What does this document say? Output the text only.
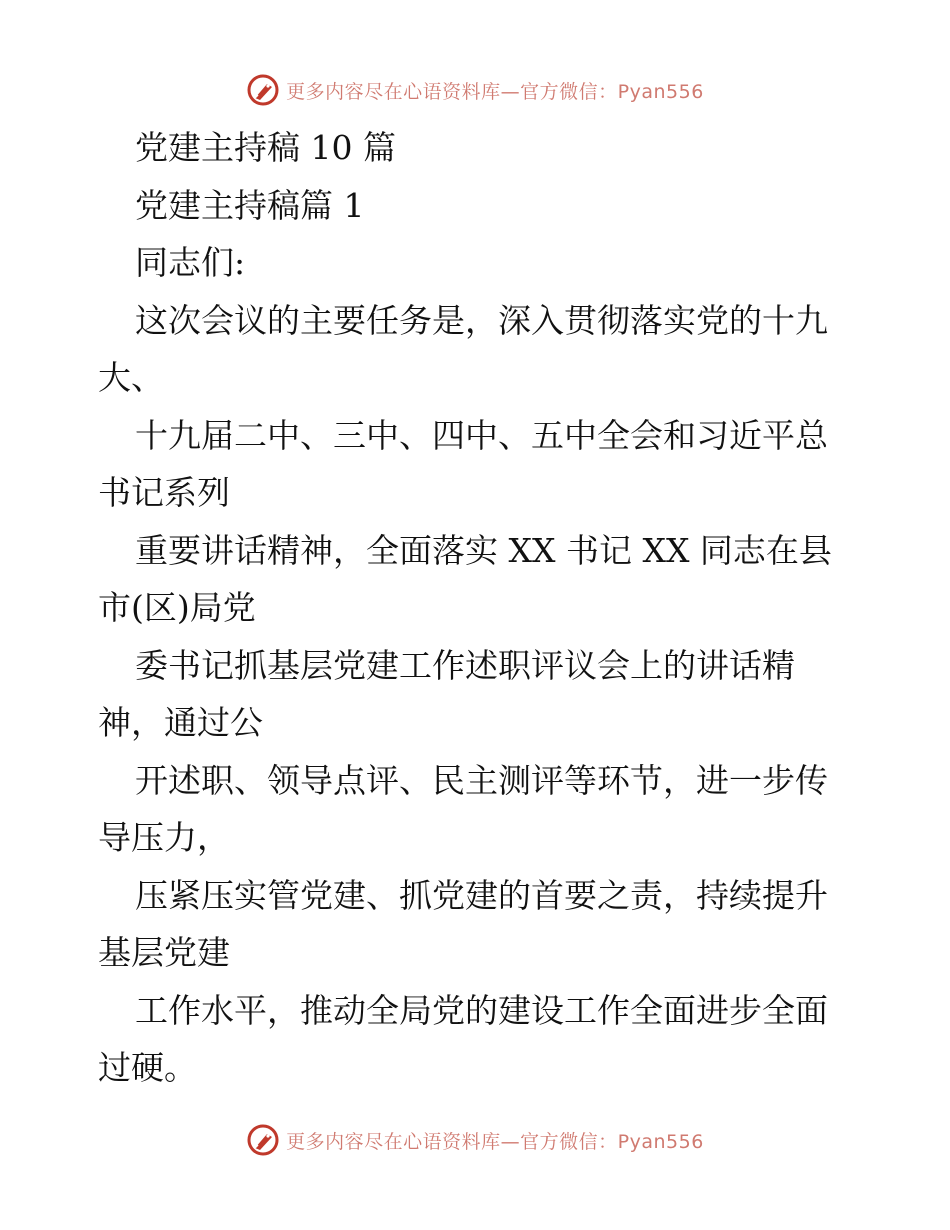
更多内容尽在心语资料库—官方微信：Pyan556
党建主持稿 10 篇
党建主持稿篇 1
同志们:
这次会议的主要任务是，深入贯彻落实党的十九
大、
十九届二中、三中、四中、五中全会和习近平总
书记系列
重要讲话精神，全面落实 XX 书记 XX 同志在县
市(区)局党
委书记抓基层党建工作述职评议会上的讲话精
神，通过公
开述职、领导点评、民主测评等环节，进一步传
导压力，
压紧压实管党建、抓党建的首要之责，持续提升
基层党建
工作水平，推动全局党的建设工作全面进步全面
过硬。
更多内容尽在心语资料库—官方微信：Pyan556
